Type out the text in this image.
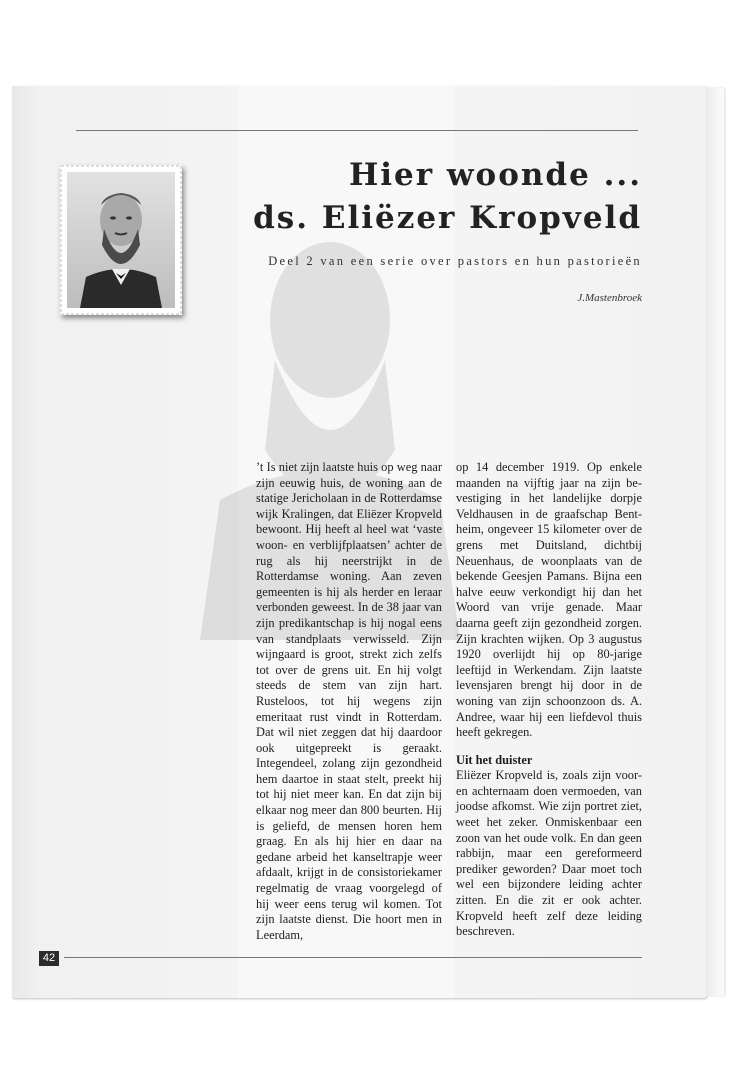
Hier woonde ...
ds. Eliëzer Kropveld

Deel 2 van een serie over pastors en hun pastorieën

J.Mastenbroek

’t Is niet zijn laatste huis op weg naar zijn eeuwig huis, de woning aan de statige Jericholaan in de Rotterdamse wijk Kralingen, dat Eliëzer Kropveld bewoont. Hij heeft al heel wat ‘vaste woon- en verblijfplaatsen’ achter de rug als hij neerstrijkt in de Rotterdamse woning. Aan zeven gemeenten is hij als herder en leraar verbonden geweest. In de 38 jaar van zijn predikantschap is hij nogal eens van standplaats verwisseld. Zijn wijngaard is groot, strekt zich zelfs tot over de grens uit. En hij volgt steeds de stem van zijn hart. Rusteloos, tot hij wegens zijn emeritaat rust vindt in Rotterdam. Dat wil niet zeggen dat hij daardoor ook uitgepreekt is geraakt. Integendeel, zolang zijn gezondheid hem daartoe in staat stelt, preekt hij tot hij niet meer kan. En dat zijn bij elkaar nog meer dan 800 beurten. Hij is geliefd, de mensen horen hem graag. En als hij hier en daar na gedane arbeid het kanseltrapje weer afdaalt, krijgt in de consistoriekamer regelmatig de vraag voorgelegd of hij weer eens terug wil komen. Tot zijn laatste dienst. Die hoort men in Leerdam,

op 14 december 1919. Op enkele maanden na vijftig jaar na zijn bevestiging in het landelijke dorpje Veldhausen in de graafschap Bentheim, ongeveer 15 kilometer over de grens met Duitsland, dichtbij Neuenhaus, de woonplaats van de bekende Geesjen Pamans. Bijna een halve eeuw verkondigt hij dan het Woord van vrije genade. Maar daarna geeft zijn gezondheid zorgen. Zijn krachten wijken. Op 3 augustus 1920 overlijdt hij op 80-jarige leeftijd in Werkendam. Zijn laatste levensjaren brengt hij door in de woning van zijn schoonzoon ds. A. Andree, waar hij een liefdevol thuis heeft gekregen.

Uit het duister

Eliëzer Kropveld is, zoals zijn voor- en achternaam doen vermoeden, van joodse afkomst. Wie zijn portret ziet, weet het zeker. Onmiskenbaar een zoon van het oude volk. En dan geen rabbijn, maar een gereformeerd prediker geworden? Daar moet toch wel een bijzondere leiding achter zitten. En die zit er ook achter. Kropveld heeft zelf deze leiding beschreven.

42
